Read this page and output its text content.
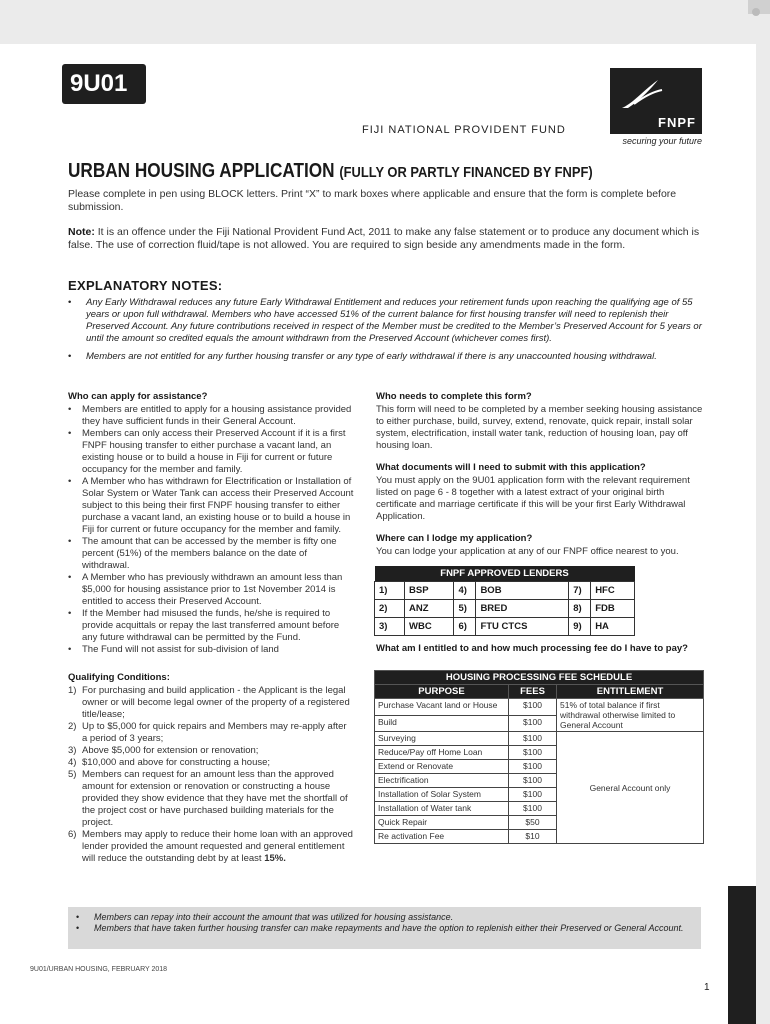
9U01
FIJI NATIONAL PROVIDENT FUND	FNPF
securing your future
URBAN HOUSING APPLICATION (FULLY OR PARTLY FINANCED BY FNPF)
Please complete in pen using BLOCK letters. Print “X” to mark boxes where applicable and ensure that the form is complete before submission.
Note: It is an offence under the Fiji National Provident Fund Act, 2011 to make any false statement or to produce any document which is false. The use of correction fluid/tape is not allowed. You are required to sign beside any amendments made in the form.
EXPLANATORY NOTES:
•	Any Early Withdrawal reduces any future Early Withdrawal Entitlement and reduces your retirement funds upon reaching the qualifying age of 55 years or upon full withdrawal. Members who have accessed 51% of the current balance for first housing transfer will need to replenish their Preserved Account. Any future contributions received in respect of the Member must be credited to the Member’s Preserved Account for 5 years or until the amount so credited equals the amount withdrawn from the Preserved Account (whichever comes first).
•	Members are not entitled for any further housing transfer or any type of early withdrawal if there is any unaccounted housing withdrawal.
Who can apply for assistance?
•	Members are entitled to apply for a housing assistance provided they have sufficient funds in their General Account.
•	Members can only access their Preserved Account if it is a first FNPF housing transfer to either purchase a vacant land, an existing house or to build a house in Fiji for current or future occupancy for the member and family.
•	A Member who has withdrawn for Electrification or Installation of Solar System or Water Tank can access their Preserved Account subject to this being their first FNPF housing transfer to either purchase a vacant land, an existing house or to build a house in Fiji for current or future occupancy for the member and family.
•	The amount that can be accessed by the member is fifty one percent (51%) of the members balance on the date of withdrawal.
•	A Member who has previously withdrawn an amount less than $5,000 for housing assistance prior to 1st November 2014 is entitled to access their Preserved Account.
•	If the Member had misused the funds, he/she is required to provide acquittals or repay the last transferred amount before any future withdrawal can be permitted by the Fund.
•	The Fund will not assist for sub-division of land
Qualifying Conditions:
1) For purchasing and build application - the Applicant is the legal owner or will become legal owner of the property of a registered title/lease;
2) Up to $5,000 for quick repairs and Members may re-apply after a period of 3 years;
3) Above $5,000 for extension or renovation;
4) $10,000 and above for constructing a house;
5) Members can request for an amount less than the approved amount for extension or renovation or constructing a house provided they show evidence that they have met the shortfall of the project cost or have purchased building materials for the project.
6) Members may apply to reduce their home loan with an approved lender provided the amount requested and general entitlement will reduce the outstanding debt by at least 15%.
Who needs to complete this form?
This form will need to be completed by a member seeking housing assistance to either purchase, build, survey, extend, renovate, quick repair, install solar system, electrification, install water tank, reduction of housing loan, pay off housing loan.
What documents will I need to submit with this application?
You must apply on the 9U01 application form with the relevant requirement listed on page 6 - 8 together with a latest extract of your original birth certificate and marriage certificate if this will be your first Early Withdrawal Application.
Where can I lodge my application?
You can lodge your application at any of our FNPF office nearest to you.
FNPF APPROVED LENDERS					
1)	BSP	4)	BOB	7)	HFC
2)	ANZ	5)	BRED	8)	FDB
3)	WBC	6)	FTU CTCS	9)	HA
What am I entitled to and how much processing fee do I have to pay?
HOUSING PROCESSING FEE SCHEDULE		
PURPOSE	FEES	ENTITLEMENT
Purchase Vacant land or House	$100	51% of total balance if first withdrawal otherwise limited to General Account
Build	$100	
Surveying	$100	General Account only
Reduce/Pay off Home Loan	$100	
Extend or Renovate	$100	
Electrification	$100	
Installation of Solar System	$100	
Installation of Water tank	$100	
Quick Repair	$50	
Re activation Fee	$10	
•	Members can repay into their account the amount that was utilized for housing assistance.
•	Members that have taken further housing transfer can make repayments and have the option to replenish either their Preserved or General Account.
9U01/URBAN HOUSING, FEBRUARY 2018
1
